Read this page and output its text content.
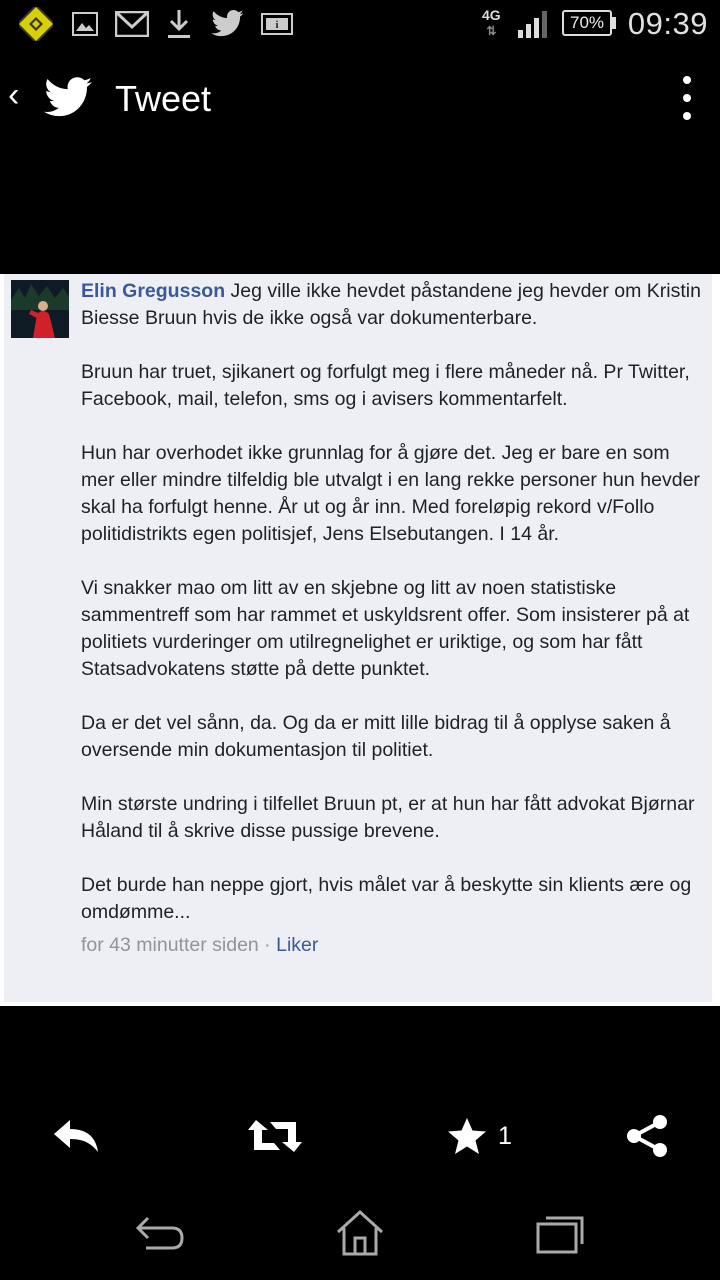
i
4G
⇅	70% 09:39
‹	Tweet

Elin Gregusson Jeg ville ikke hevdet påstandene jeg hevder om Kristin Biesse Bruun hvis de ikke også var dokumenterbare.

Bruun har truet, sjikanert og forfulgt meg i flere måneder nå. Pr Twitter, Facebook, mail, telefon, sms og i avisers kommentarfelt.

Hun har overhodet ikke grunnlag for å gjøre det. Jeg er bare en som mer eller mindre tilfeldig ble utvalgt i en lang rekke personer hun hevder skal ha forfulgt henne. År ut og år inn. Med foreløpig rekord v/Follo politidistrikts egen politisjef, Jens Elsebutangen. I 14 år.

Vi snakker mao om litt av en skjebne og litt av noen statistiske sammentreff som har rammet et uskyldsrent offer. Som insisterer på at politiets vurderinger om utilregnelighet er uriktige, og som har fått Statsadvokatens støtte på dette punktet.

Da er det vel sånn, da. Og da er mitt lille bidrag til å opplyse saken å oversende min dokumentasjon til politiet.

Min største undring i tilfellet Bruun pt, er at hun har fått advokat Bjørnar Håland til å skrive disse pussige brevene.

Det burde han neppe gjort, hvis målet var å beskytte sin klients ære og omdømme...

for 43 minutter siden · Liker
1
